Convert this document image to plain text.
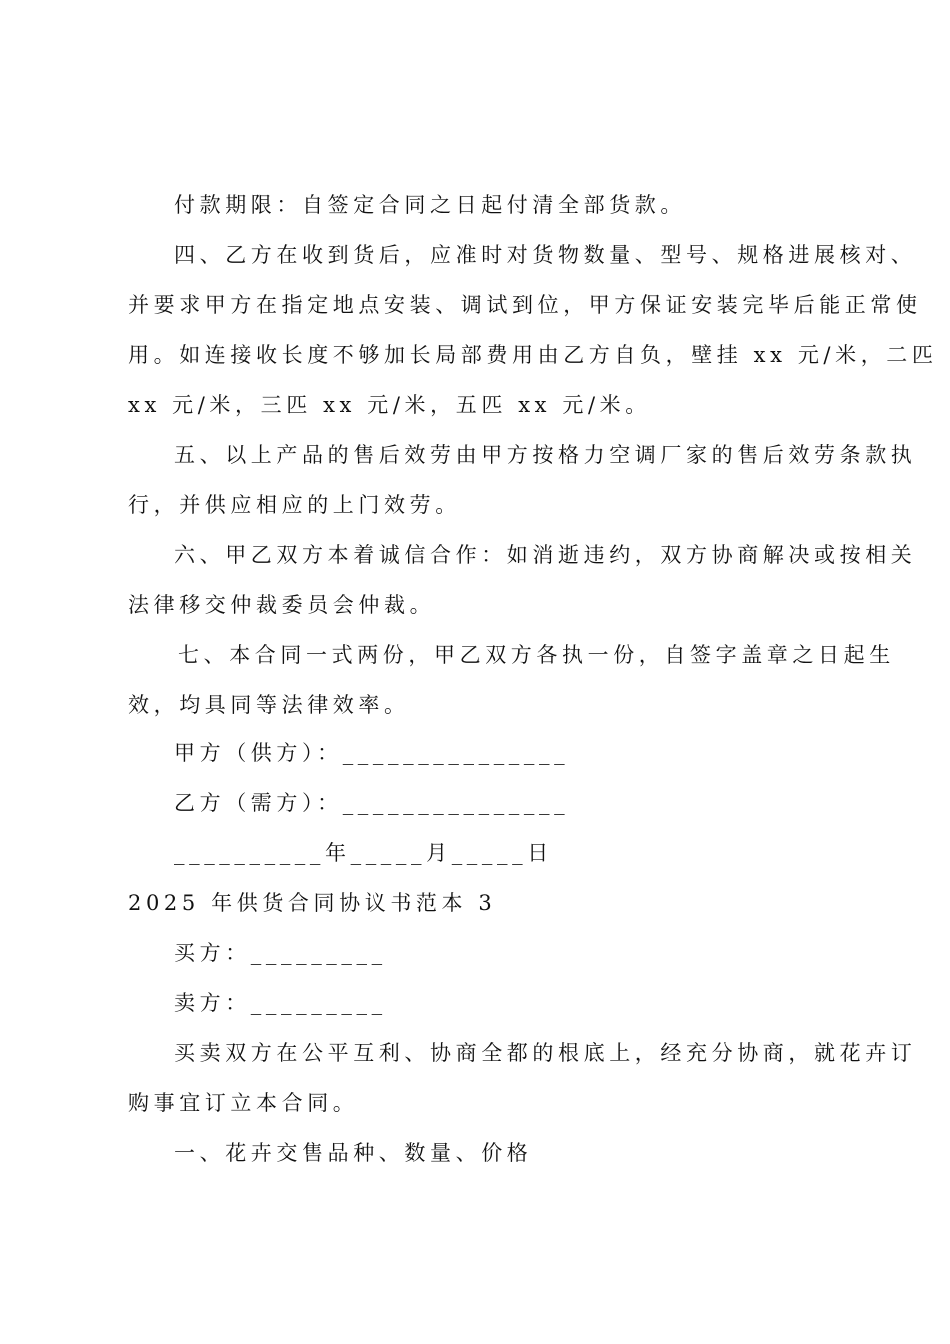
付款期限：自签定合同之日起付清全部货款。
四、乙方在收到货后，应准时对货物数量、型号、规格进展核对、
并要求甲方在指定地点安装、调试到位，甲方保证安装完毕后能正常使
用。如连接收长度不够加长局部费用由乙方自负，壁挂 xx 元/米，二匹
xx 元/米，三匹 xx 元/米，五匹 xx 元/米。
五、以上产品的售后效劳由甲方按格力空调厂家的售后效劳条款执
行，并供应相应的上门效劳。
六、甲乙双方本着诚信合作：如消逝违约，双方协商解决或按相关
法律移交仲裁委员会仲裁。
七、本合同一式两份，甲乙双方各执一份，自签字盖章之日起生
效，均具同等法律效率。
甲方（供方）：_______________
乙方（需方）：_______________
__________年_____月_____日
2025 年供货合同协议书范本 3
买方：_________
卖方：_________
买卖双方在公平互利、协商全都的根底上，经充分协商，就花卉订
购事宜订立本合同。
一、花卉交售品种、数量、价格
